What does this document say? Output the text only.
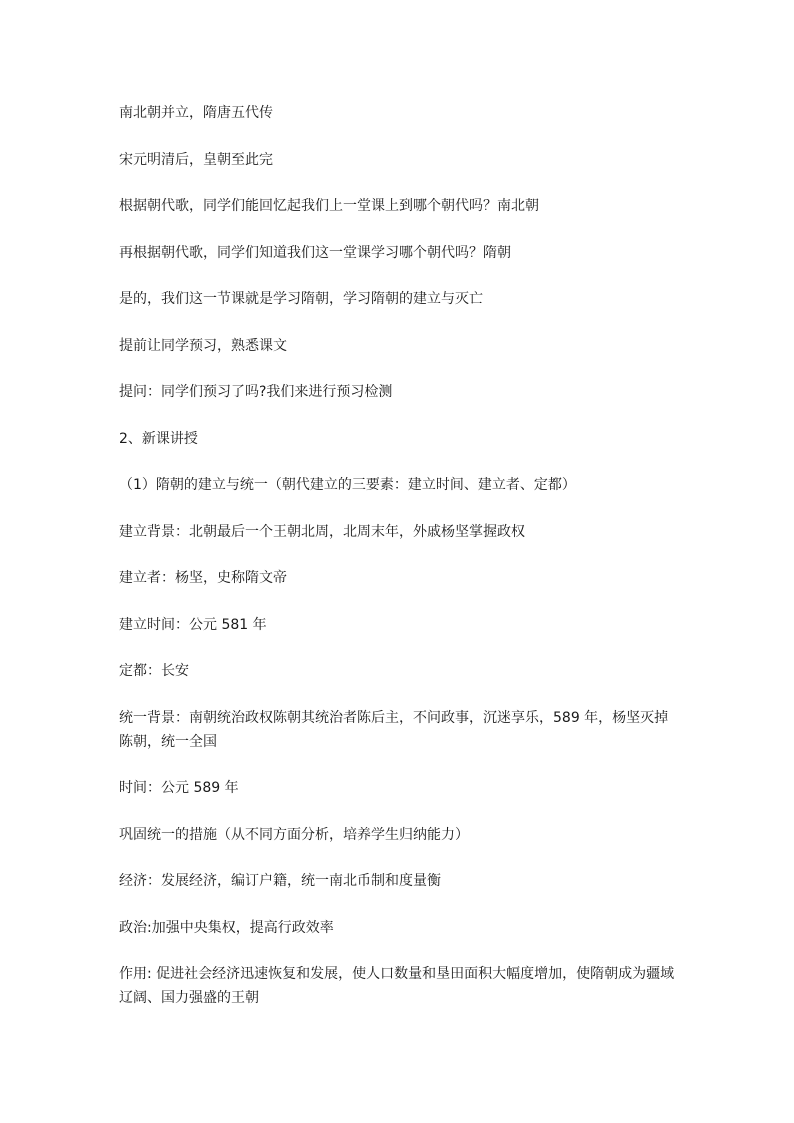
南北朝并立，隋唐五代传

宋元明清后，皇朝至此完

根据朝代歌，同学们能回忆起我们上一堂课上到哪个朝代吗？南北朝

再根据朝代歌，同学们知道我们这一堂课学习哪个朝代吗？隋朝

是的，我们这一节课就是学习隋朝，学习隋朝的建立与灭亡

提前让同学预习，熟悉课文

提问：同学们预习了吗?我们来进行预习检测

2、新课讲授

（1）隋朝的建立与统一（朝代建立的三要素：建立时间、建立者、定都）

建立背景：北朝最后一个王朝北周，北周末年，外戚杨坚掌握政权

建立者：杨坚，史称隋文帝

建立时间：公元 581 年

定都：长安

统一背景：南朝统治政权陈朝其统治者陈后主，不问政事，沉迷享乐，589 年，杨坚灭掉陈朝，统一全国

时间：公元 589 年

巩固统一的措施（从不同方面分析，培养学生归纳能力）

经济：发展经济，编订户籍，统一南北币制和度量衡

政治:加强中央集权，提高行政效率

作用: 促进社会经济迅速恢复和发展，使人口数量和垦田面积大幅度增加，使隋朝成为疆域辽阔、国力强盛的王朝
